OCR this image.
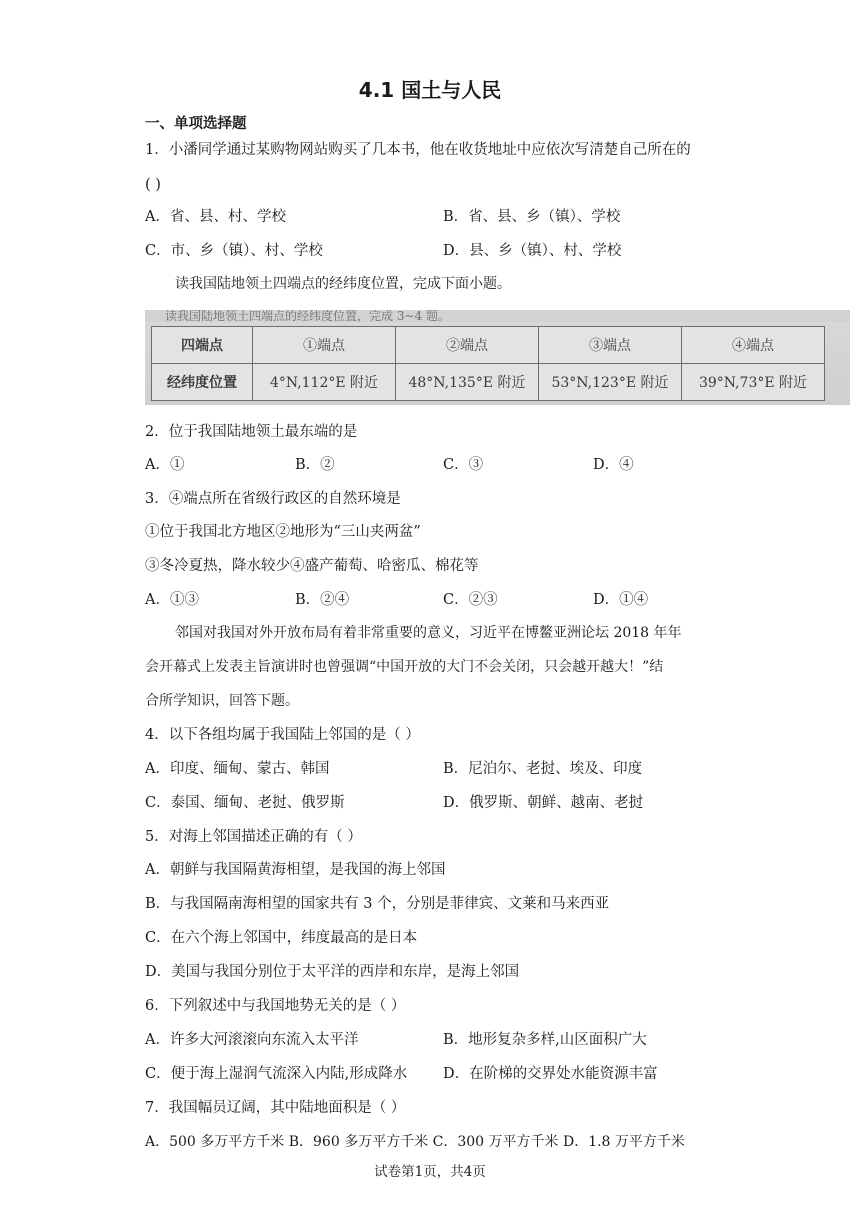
4.1 国土与人民
一、单项选择题
1．小潘同学通过某购物网站购买了几本书，他在收货地址中应依次写清楚自己所在的
( )
A．省、县、村、学校	B．省、县、乡（镇）、学校
C．市、乡（镇）、村、学校	D．县、乡（镇）、村、学校
读我国陆地领土四端点的经纬度位置，完成下面小题。
读我国陆地领土四端点的经纬度位置，完成 3~4 题。
四端点	①端点	②端点	③端点	④端点
经纬度位置	4°N,112°E 附近	48°N,135°E 附近	53°N,123°E 附近	39°N,73°E 附近
2．位于我国陆地领土最东端的是
A．①	B．②	C．③	D．④
3．④端点所在省级行政区的自然环境是
①位于我国北方地区②地形为“三山夹两盆”
③冬冷夏热，降水较少④盛产葡萄、哈密瓜、棉花等
A．①③	B．②④	C．②③	D．①④
邻国对我国对外开放布局有着非常重要的意义，习近平在博鳌亚洲论坛 2018 年年
会开幕式上发表主旨演讲时也曾强调“中国开放的大门不会关闭，只会越开越大！”结
合所学知识，回答下题。
4．以下各组均属于我国陆上邻国的是（ ）
A．印度、缅甸、蒙古、韩国	B．尼泊尔、老挝、埃及、印度
C．泰国、缅甸、老挝、俄罗斯	D．俄罗斯、朝鲜、越南、老挝
5．对海上邻国描述正确的有（ ）
A．朝鲜与我国隔黄海相望，是我国的海上邻国
B．与我国隔南海相望的国家共有 3 个，分别是菲律宾、文莱和马来西亚
C．在六个海上邻国中，纬度最高的是日本
D．美国与我国分别位于太平洋的西岸和东岸，是海上邻国
6．下列叙述中与我国地势无关的是（ ）
A．许多大河滚滚向东流入太平洋	B．地形复杂多样,山区面积广大
C．便于海上湿润气流深入内陆,形成降水 D．在阶梯的交界处水能资源丰富
7．我国幅员辽阔，其中陆地面积是（ ）
A．500 多万平方千米 B．960 多万平方千米 C．300 万平方千米 D．1.8 万平方千米
试卷第1页，共4页
